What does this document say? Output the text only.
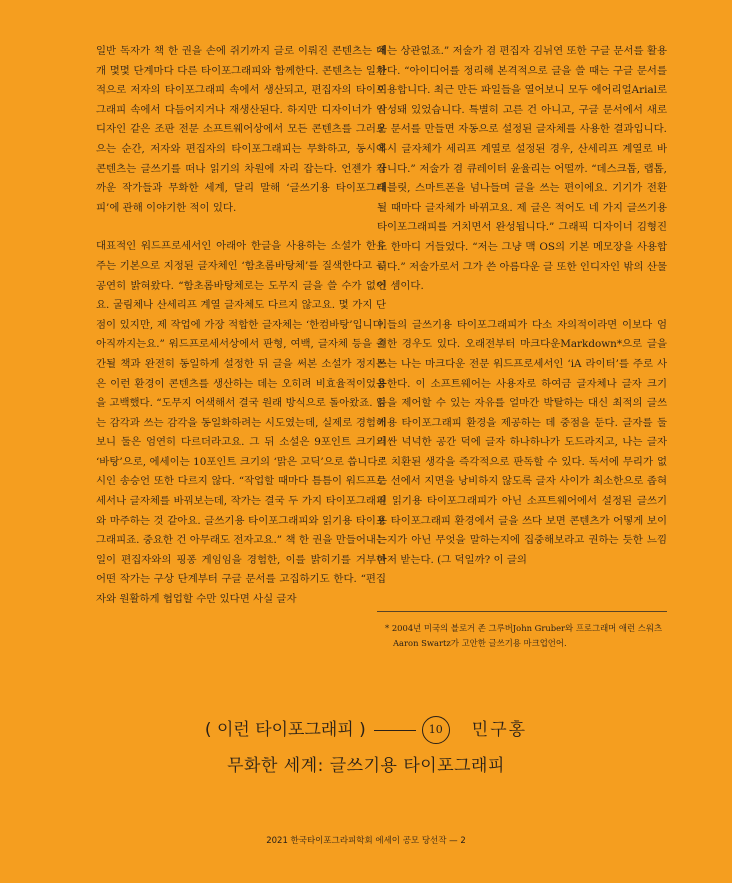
일반 독자가 책 한 권을 손에 쥐기까지 글로 이뤄진 콘텐츠는 대개 몇몇 단계마다 다른 타이포그래피와 함께한다. 콘텐츠는 일차적으로 저자의 타이포그래피 속에서 생산되고, 편집자의 타이포그래피 속에서 다듬어지거나 재생산된다. 하지만 디자이너가 인디자인 같은 조판 전문 소프트웨어상에서 모든 콘텐츠를 그러모으는 순간, 저자와 편집자의 타이포그래피는 무화하고, 동시에 콘텐츠는 글쓰기를 떠나 읽기의 차원에 자리 잡는다. 언젠가 가까운 작가들과 무화한 세계, 달리 말해 ‘글쓰기용 타이포그래피’에 관해 이야기한 적이 있다.

대표적인 워드프로세서인 아래아 한글을 사용하는 소설가 한유주는 기본으로 지정된 글자체인 ‘함초롬바탕체’를 질색한다고 공공연히 밝혀왔다. “함초롬바탕체로는 도무지 글을 쓸 수가 없어요. 굴림체나 산세리프 계열 글자체도 다르지 않고요. 몇 가지 단점이 있지만, 제 작업에 가장 적합한 글자체는 ‘한컴바탕’입니다. 아직까지는요.” 워드프로세서상에서 판형, 여백, 글자체 등을 출간될 책과 완전히 동일하게 설정한 뒤 글을 써본 소설가 정지돈은 이런 환경이 콘텐츠를 생산하는 데는 오히려 비효율적이었음을 고백했다. “도무지 어색해서 결국 원래 방식으로 돌아왔죠. 읽는 감각과 쓰는 감각을 동일화하려는 시도였는데, 실제로 경험해보니 둘은 엄연히 다르더라고요. 그 뒤 소설은 9포인트 크기의 ‘바탕’으로, 에세이는 10포인트 크기의 ‘맑은 고딕’으로 씁니다.” 시인 송승언 또한 다르지 않다. “작업할 때마다 틈틈이 워드프로세서나 글자체를 바꿔보는데, 작가는 결국 두 가지 타이포그래피와 마주하는 것 같아요. 글쓰기용 타이포그래피와 읽기용 타이포그래피죠. 중요한 건 아무래도 전자고요.” 책 한 권을 만들어내는 일이 편집자와의 핑퐁 게임임을 경험한, 이를 밝히기를 거부한 어떤 작가는 구상 단계부터 구글 문서를 고집하기도 한다. “편집자와 원활하게 협업할 수만 있다면 사실 글자

체는 상관없죠.” 저술가 겸 편집자 김뉘연 또한 구글 문서를 활용한다. “아이디어를 정리해 본격적으로 글을 쓸 때는 구글 문서를 이용합니다. 최근 만든 파일들을 열어보니 모두 에어리얼Arial로 작성돼 있었습니다. 특별히 고른 건 아니고, 구글 문서에서 새로운 문서를 만들면 자동으로 설정된 글자체를 사용한 결과입니다. 혹시 글자체가 세리프 계열로 설정된 경우, 산세리프 계열로 바꿉니다.” 저술가 겸 큐레이터 윤율리는 어떨까. “데스크톱, 랩톱, 태블릿, 스마트폰을 넘나들며 글을 쓰는 편이에요. 기기가 전환될 때마다 글자체가 바뀌고요. 제 글은 적어도 네 가지 글쓰기용 타이포그래피를 거치면서 완성됩니다.” 그래픽 디자이너 김형진도 한마디 거들었다. “저는 그냥 맥 OS의 기본 메모장을 사용합니다.” 저술가로서 그가 쓴 아름다운 글 또한 인디자인 밖의 산물인 셈이다.

이들의 글쓰기용 타이포그래피가 다소 자의적이라면 이보다 엄격한 경우도 있다. 오래전부터 마크다운Markdown*으로 글을 쓰는 나는 마크다운 전문 워드프로세서인 ‘iA 라이터’를 주로 사용한다. 이 소프트웨어는 사용자로 하여금 글자체나 글자 크기 등을 제어할 수 있는 자유를 얼마간 박탈하는 대신 최적의 글쓰기용 타이포그래피 환경을 제공하는 데 중점을 둔다. 글자를 둘러싼 넉넉한 공간 덕에 글자 하나하나가 도드라지고, 나는 글자로 치환된 생각을 즉각적으로 판독할 수 있다. 독서에 무리가 없는 선에서 지면을 낭비하지 않도록 글자 사이가 최소한으로 좁혀진 읽기용 타이포그래피가 아닌 소프트웨어에서 설정된 글쓰기용 타이포그래피 환경에서 글을 쓰다 보면 콘텐츠가 어떻게 보이는지가 아닌 무엇을 말하는지에 집중해보라고 권하는 듯한 느낌마저 받는다. (그 덕일까? 이 글의

* 2004년 미국의 블로거 존 그루버John Gruber와 프로그래머 애런 스워츠Aaron Swartz가 고안한 글쓰기용 마크업언어.
( 이런 타이포그래피 )	10	민구홍
무화한 세계: 글쓰기용 타이포그래피
2021 한국타이포그라피학회 에세이 공모 당선작 — 2
